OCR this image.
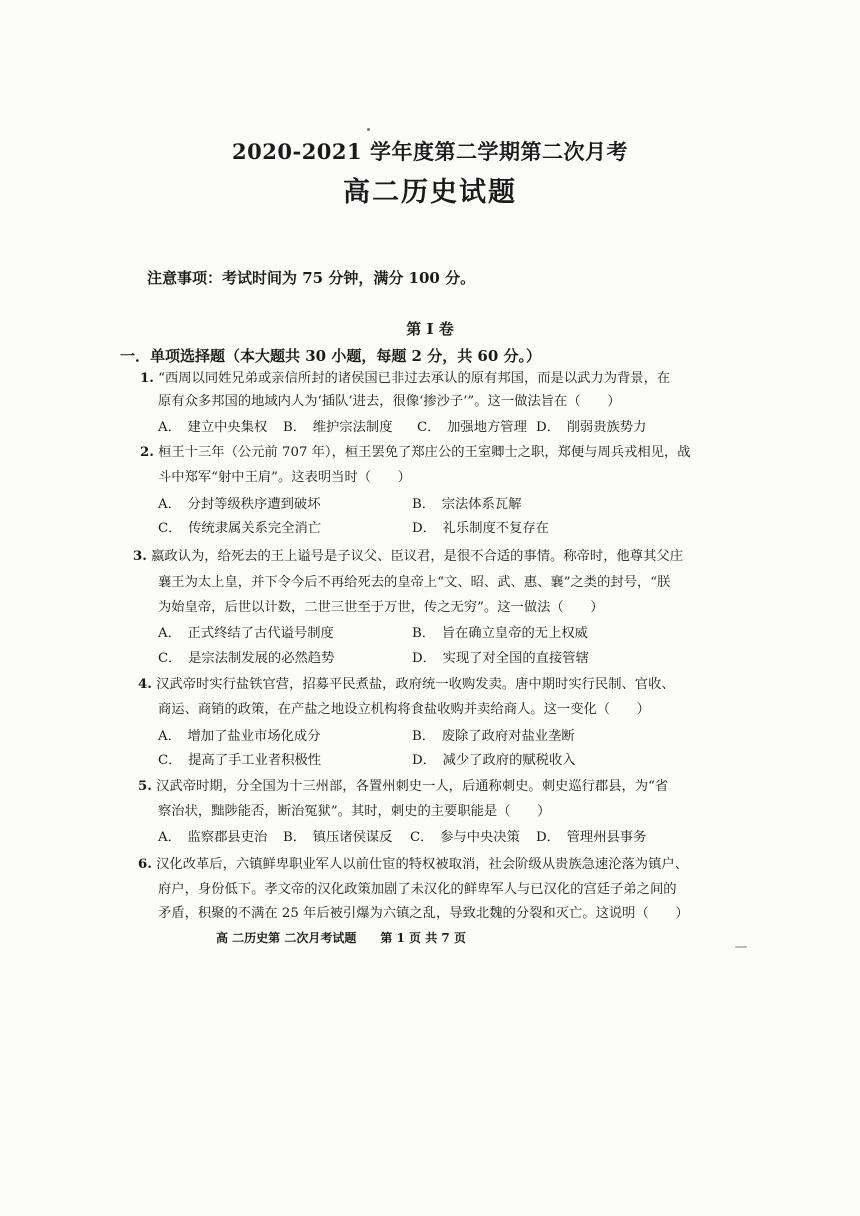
2020-2021 学年度第二学期第二次月考
高二历史试题
注意事项：考试时间为 75 分钟，满分 100 分。
第 I 卷
一．单项选择题（本大题共 30 小题，每题 2 分，共 60 分。）
1. “西周以同姓兄弟或亲信所封的诸侯国已非过去承认的原有邦国，而是以武力为背景，在
原有众多邦国的地域内人为‘插队’进去，很像‘掺沙子’”。这一做法旨在（　　）
A．　建立中央集权 B．　维护宗法制度 C．　加强地方管理 D．　削弱贵族势力
2. 桓王十三年（公元前 707 年），桓王罢免了郑庄公的王室卿士之职，郑便与周兵戎相见，战
斗中郑军“射中王肩”。这表明当时（　　）
A．　分封等级秩序遭到破坏	B．　宗法体系瓦解
C．　传统隶属关系完全消亡	D．　礼乐制度不复存在
3. 嬴政认为，给死去的王上谥号是子议父、臣议君，是很不合适的事情。称帝时，他尊其父庄
襄王为太上皇，并下令今后不再给死去的皇帝上“文、昭、武、惠、襄”之类的封号，“朕
为始皇帝，后世以计数，二世三世至于万世，传之无穷”。这一做法（　　）
A．　正式终结了古代谥号制度	B．　旨在确立皇帝的无上权威
C．　是宗法制发展的必然趋势	D．　实现了对全国的直接管辖
4. 汉武帝时实行盐铁官营，招募平民煮盐，政府统一收购发卖。唐中期时实行民制、官收、
商运、商销的政策，在产盐之地设立机构将食盐收购并卖给商人。这一变化（　　）
A．　增加了盐业市场化成分	B．　废除了政府对盐业垄断
C．　提高了手工业者积极性	D．　减少了政府的赋税收入
5. 汉武帝时期，分全国为十三州部，各置州刺史一人，后通称刺史。刺史巡行郡县，为“省
察治状，黜陟能否，断治冤狱”。其时，刺史的主要职能是（　　）
A．　监察郡县吏治 B．　镇压诸侯谋反 C．　参与中央决策 D．　管理州县事务
6. 汉化改革后，六镇鲜卑职业军人以前仕宦的特权被取消，社会阶级从贵族急速沦落为镇户、
府户，身份低下。孝文帝的汉化政策加剧了未汉化的鲜卑军人与已汉化的宫廷子弟之间的
矛盾，积聚的不满在 25 年后被引爆为六镇之乱，导致北魏的分裂和灭亡。这说明（　　）
高 二历史第 二次月考试题　　第 1 页 共 7 页
